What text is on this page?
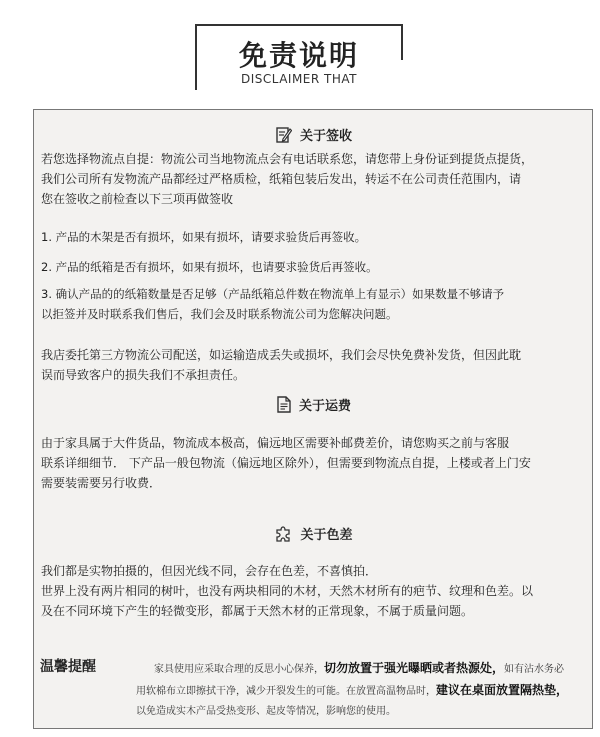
免责说明
DISCLAIMER THAT
关于签收
若您选择物流点自提：物流公司当地物流点会有电话联系您，请您带上身份证到提货点提货，
我们公司所有发物流产品都经过严格质检，纸箱包装后发出，转运不在公司责任范围内，请
您在签收之前检查以下三项再做签收
1. 产品的木架是否有损坏，如果有损坏，请要求验货后再签收。
2. 产品的纸箱是否有损坏，如果有损坏，也请要求验货后再签收。
3. 确认产品的的纸箱数量是否足够（产品纸箱总件数在物流单上有显示）如果数量不够请予
以拒签并及时联系我们售后，我们会及时联系物流公司为您解决问题。
我店委托第三方物流公司配送，如运输造成丢失或损坏，我们会尽快免费补发货，但因此耽
误而导致客户的损失我们不承担责任。
关于运费
由于家具属于大件货品，物流成本极高，偏远地区需要补邮费差价，请您购买之前与客服
联系详细细节． 下产品一般包物流（偏远地区除外），但需要到物流点自提，上楼或者上门安
需要装需要另行收费．
关于色差
我们都是实物拍摄的，但因光线不同，会存在色差，不喜慎拍．
世界上没有两片相同的树叶，也没有两块相同的木材，天然木材所有的疤节、纹理和色差。以
及在不同环境下产生的轻微变形，都属于天然木材的正常现象，不属于质量问题。
温馨提醒	家具使用应采取合理的反思小心保养，切勿放置于强光曝晒或者热源处，如有沾水务必
用软棉布立即擦拭干净，减少开裂发生的可能。在放置高温物品时，建议在桌面放置隔热垫，
以免造成实木产品受热变形、起皮等情况，影响您的使用。
